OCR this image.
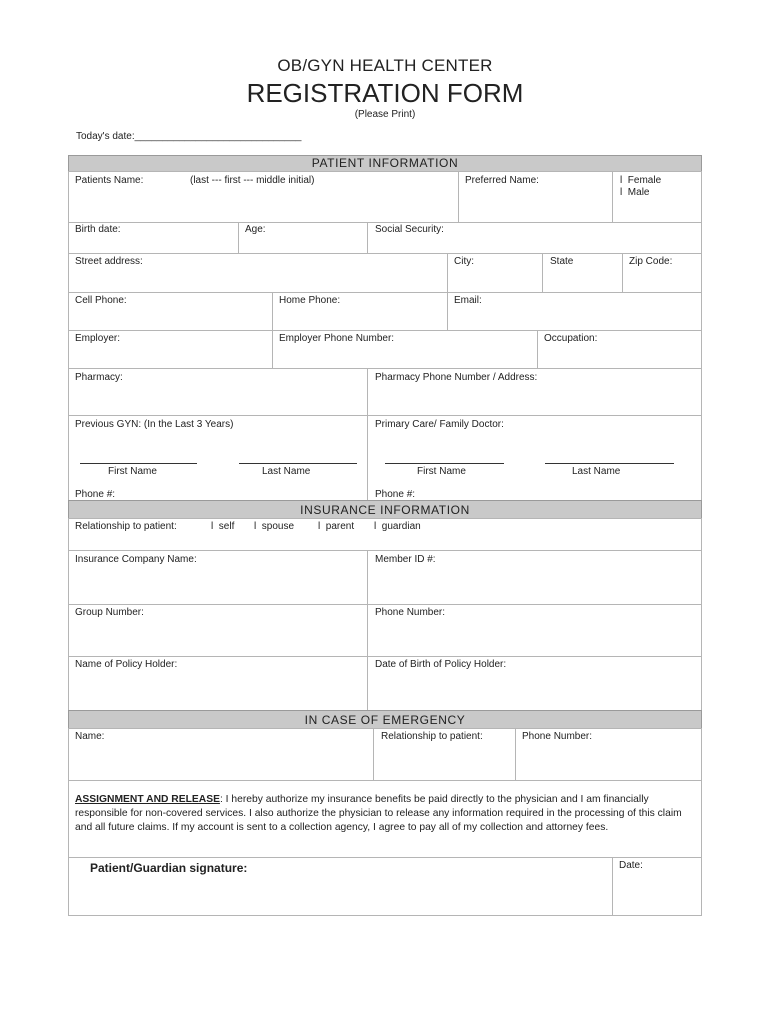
OB/GYN HEALTH CENTER
REGISTRATION FORM
(Please Print)
Today's date:______________________________
PATIENT INFORMATION
Patients Name:	(last --- first --- middle initial)	Preferred Name:	l Female
l Male
Birth date:	Age:	Social Security:
Street address:	City:	State	Zip Code:
Cell Phone:	Home Phone:	Email:
Employer:	Employer Phone Number:	Occupation:
Pharmacy:	Pharmacy Phone Number / Address:
Previous GYN: (In the Last 3 Years)	Primary Care/ Family Doctor:
First Name	Last Name	First Name	Last Name
Phone #:	Phone #:
INSURANCE INFORMATION
Relationship to patient:	l self l spouse l parent l guardian
Insurance Company Name:	Member ID #:
Group Number:	Phone Number:
Name of Policy Holder:	Date of Birth of Policy Holder:
IN CASE OF EMERGENCY
Name:	Relationship to patient:	Phone Number:
ASSIGNMENT AND RELEASE: I hereby authorize my insurance benefits be paid directly to the physician and I am financially responsible for non-covered services. I also authorize the physician to release any information required in the processing of this claim and all future claims. If my account is sent to a collection agency, I agree to pay all of my collection and attorney fees.
Patient/Guardian signature:	Date:
